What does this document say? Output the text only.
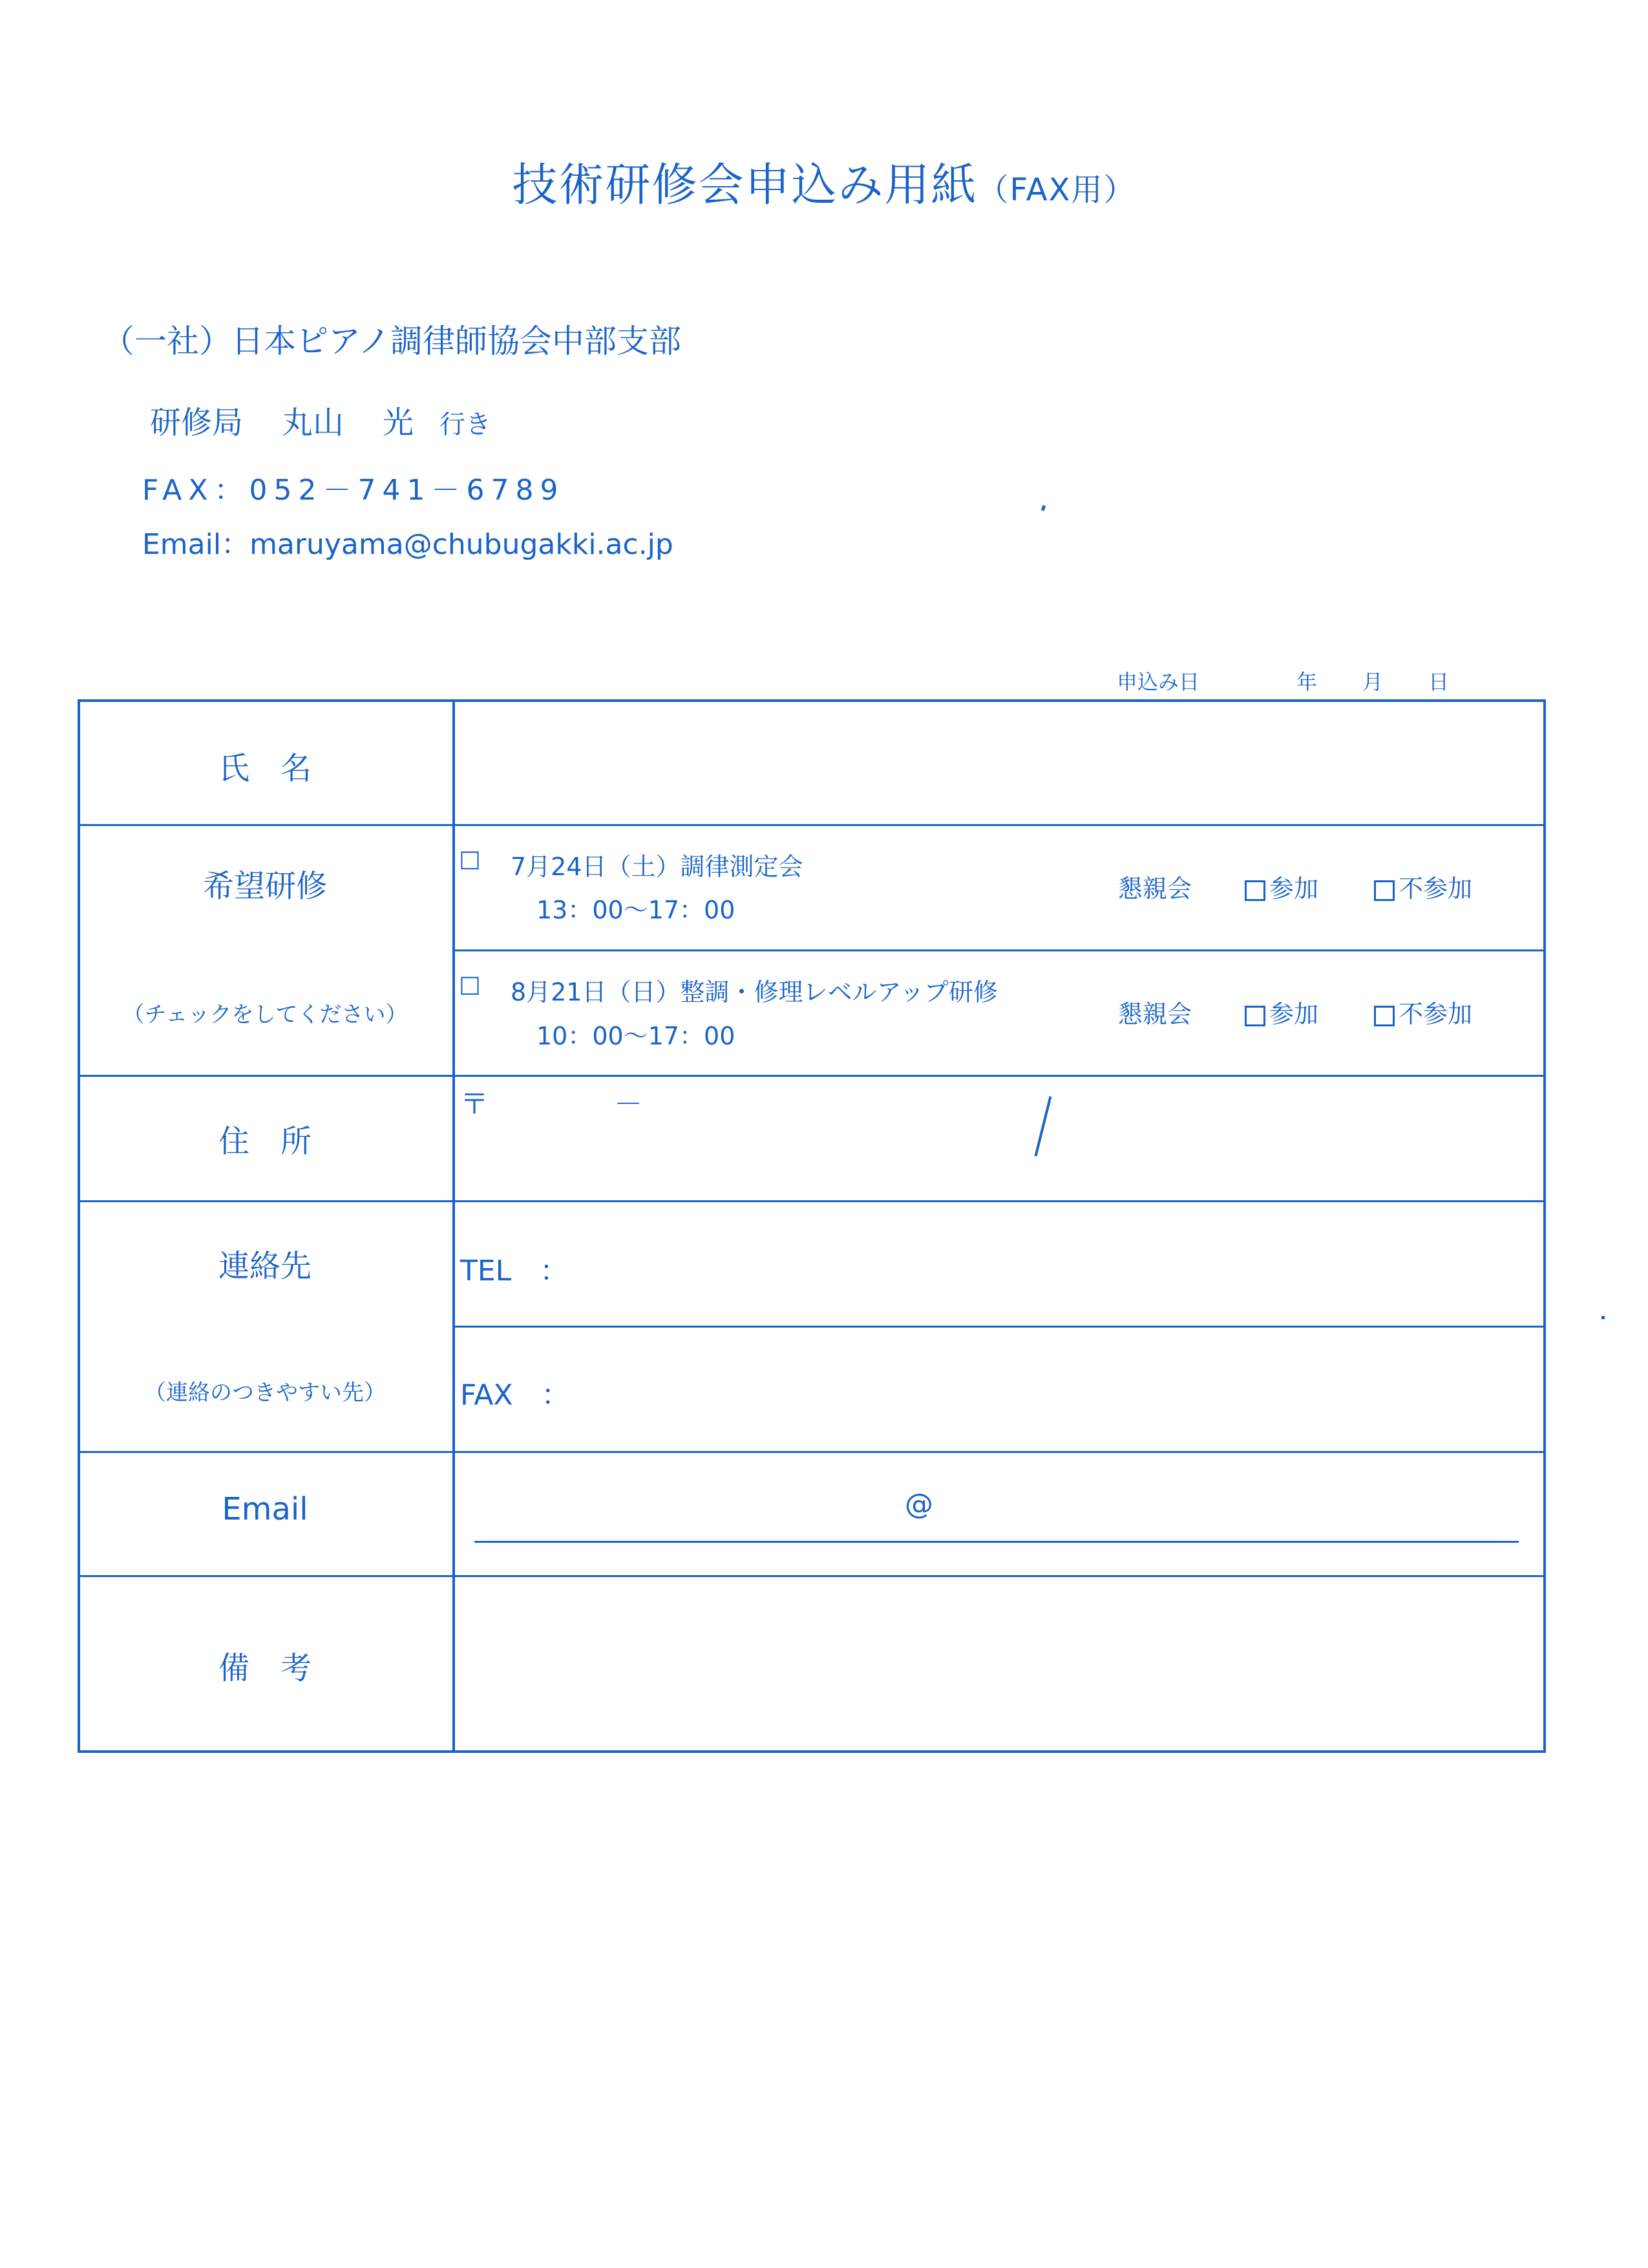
技術研修会申込み用紙（FAX用）
（一社）日本ピアノ調律師協会中部支部
研修局 丸山 光 行き
FAX：052－741－6789
Email：maruyama@chubugakki.ac.jp
申込み日	年 月 日
氏　名
希望研修
（チェックをしてください）
☐ 7月24日（土）調律測定会
13：00～17：00
懇親会	参加	不参加
☐ 8月21日（日）整調・修理レベルアップ研修
10：00～17：00
懇親会	参加	不参加
住　所
〒	－
連絡先
（連絡のつきやすい先）
TEL　：
FAX　：
Email	@
備　考
